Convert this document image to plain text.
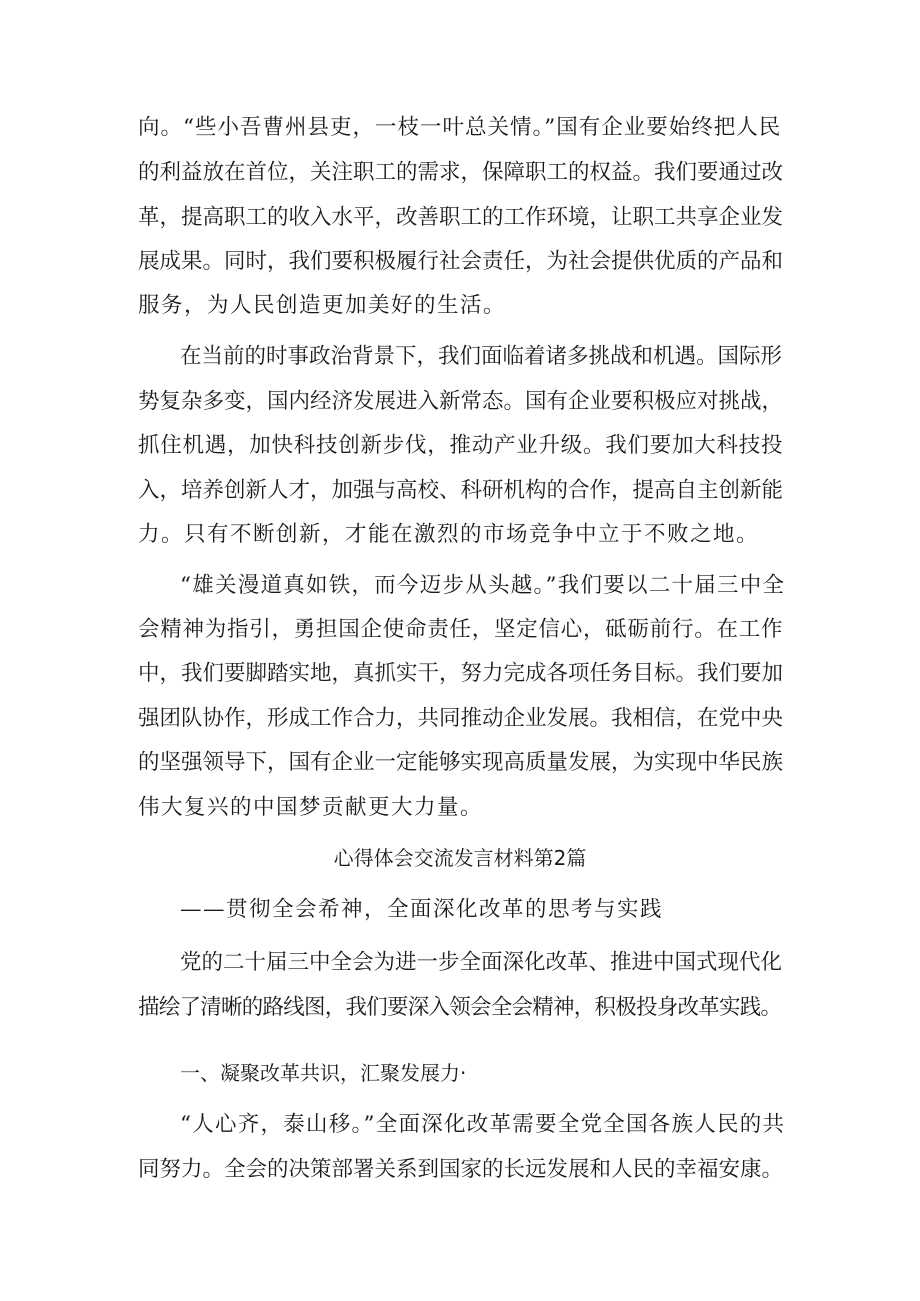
向。“些小吾曹州县吏，一枝一叶总关情。”国有企业要始终把人民
的利益放在首位，关注职工的需求，保障职工的权益。我们要通过改
革，提高职工的收入水平，改善职工的工作环境，让职工共享企业发
展成果。同时，我们要积极履行社会责任，为社会提供优质的产品和
服务，为人民创造更加美好的生活。
在当前的时事政治背景下，我们面临着诸多挑战和机遇。国际形
势复杂多变，国内经济发展进入新常态。国有企业要积极应对挑战，
抓住机遇，加快科技创新步伐，推动产业升级。我们要加大科技投
入，培养创新人才，加强与高校、科研机构的合作，提高自主创新能
力。只有不断创新，才能在激烈的市场竞争中立于不败之地。
“雄关漫道真如铁，而今迈步从头越。”我们要以二十届三中全
会精神为指引，勇担国企使命责任，坚定信心，砥砺前行。在工作
中，我们要脚踏实地，真抓实干，努力完成各项任务目标。我们要加
强团队协作，形成工作合力，共同推动企业发展。我相信，在党中央
的坚强领导下，国有企业一定能够实现高质量发展，为实现中华民族
伟大复兴的中国梦贡献更大力量。
心得体会交流发言材料第2篇
——贯彻全会希神，全面深化改革的思考与实践
党的二十届三中全会为进一步全面深化改革、推进中国式现代化
描绘了清晰的路线图，我们要深入领会全会精神，积极投身改革实践。
一、凝聚改革共识，汇聚发展力·
“人心齐，泰山移。”全面深化改革需要全党全国各族人民的共
同努力。全会的决策部署关系到国家的长远发展和人民的幸福安康。
